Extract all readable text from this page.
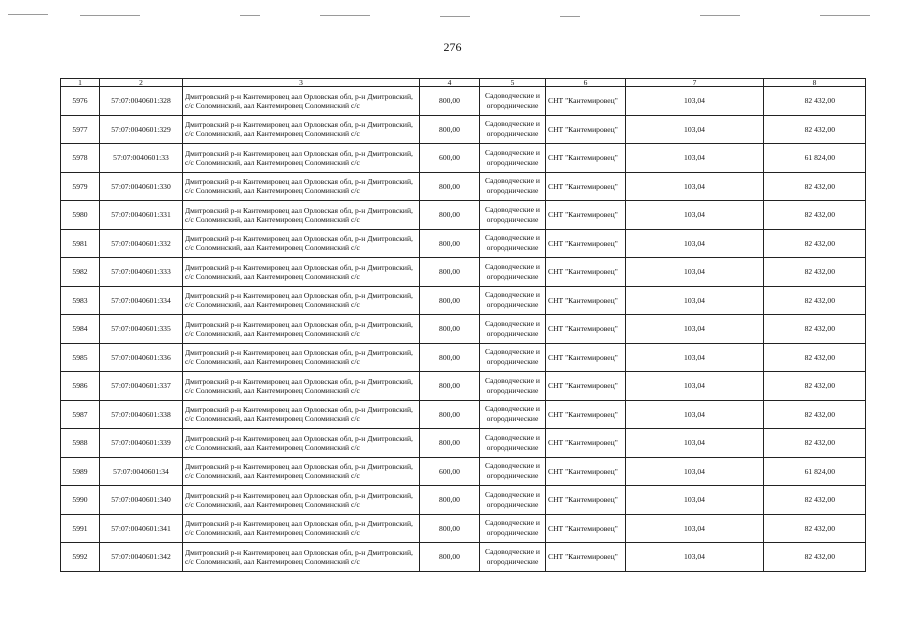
276
1	2	3	4	5	6	7	8
5976	57:07:0040601:328	Дмитровский р-н Кантемировец аал Орловская обл, р-н Дмитровский, с/с Соломинский, аал Кантемировец Соломинский с/с	800,00	Садоводческие и огороднические	СНТ "Кантемировец"	103,04	82 432,00
5977	57:07:0040601:329	Дмитровский р-н Кантемировец аал Орловская обл, р-н Дмитровский, с/с Соломинский, аал Кантемировец Соломинский с/с	800,00	Садоводческие и огороднические	СНТ "Кантемировец"	103,04	82 432,00
5978	57:07:0040601:33	Дмитровский р-н Кантемировец аал Орловская обл, р-н Дмитровский, с/с Соломинский, аал Кантемировец Соломинский с/с	600,00	Садоводческие и огороднические	СНТ "Кантемировец"	103,04	61 824,00
5979	57:07:0040601:330	Дмитровский р-н Кантемировец аал Орловская обл, р-н Дмитровский, с/с Соломинский, аал Кантемировец Соломинский с/с	800,00	Садоводческие и огороднические	СНТ "Кантемировец"	103,04	82 432,00
5980	57:07:0040601:331	Дмитровский р-н Кантемировец аал Орловская обл, р-н Дмитровский, с/с Соломинский, аал Кантемировец Соломинский с/с	800,00	Садоводческие и огороднические	СНТ "Кантемировец"	103,04	82 432,00
5981	57:07:0040601:332	Дмитровский р-н Кантемировец аал Орловская обл, р-н Дмитровский, с/с Соломинский, аал Кантемировец Соломинский с/с	800,00	Садоводческие и огороднические	СНТ "Кантемировец"	103,04	82 432,00
5982	57:07:0040601:333	Дмитровский р-н Кантемировец аал Орловская обл, р-н Дмитровский, с/с Соломинский, аал Кантемировец Соломинский с/с	800,00	Садоводческие и огороднические	СНТ "Кантемировец"	103,04	82 432,00
5983	57:07:0040601:334	Дмитровский р-н Кантемировец аал Орловская обл, р-н Дмитровский, с/с Соломинский, аал Кантемировец Соломинский с/с	800,00	Садоводческие и огороднические	СНТ "Кантемировец"	103,04	82 432,00
5984	57:07:0040601:335	Дмитровский р-н Кантемировец аал Орловская обл, р-н Дмитровский, с/с Соломинский, аал Кантемировец Соломинский с/с	800,00	Садоводческие и огороднические	СНТ "Кантемировец"	103,04	82 432,00
5985	57:07:0040601:336	Дмитровский р-н Кантемировец аал Орловская обл, р-н Дмитровский, с/с Соломинский, аал Кантемировец Соломинский с/с	800,00	Садоводческие и огороднические	СНТ "Кантемировец"	103,04	82 432,00
5986	57:07:0040601:337	Дмитровский р-н Кантемировец аал Орловская обл, р-н Дмитровский, с/с Соломинский, аал Кантемировец Соломинский с/с	800,00	Садоводческие и огороднические	СНТ "Кантемировец"	103,04	82 432,00
5987	57:07:0040601:338	Дмитровский р-н Кантемировец аал Орловская обл, р-н Дмитровский, с/с Соломинский, аал Кантемировец Соломинский с/с	800,00	Садоводческие и огороднические	СНТ "Кантемировец"	103,04	82 432,00
5988	57:07:0040601:339	Дмитровский р-н Кантемировец аал Орловская обл, р-н Дмитровский, с/с Соломинский, аал Кантемировец Соломинский с/с	800,00	Садоводческие и огороднические	СНТ "Кантемировец"	103,04	82 432,00
5989	57:07:0040601:34	Дмитровский р-н Кантемировец аал Орловская обл, р-н Дмитровский, с/с Соломинский, аал Кантемировец Соломинский с/с	600,00	Садоводческие и огороднические	СНТ "Кантемировец"	103,04	61 824,00
5990	57:07:0040601:340	Дмитровский р-н Кантемировец аал Орловская обл, р-н Дмитровский, с/с Соломинский, аал Кантемировец Соломинский с/с	800,00	Садоводческие и огороднические	СНТ "Кантемировец"	103,04	82 432,00
5991	57:07:0040601:341	Дмитровский р-н Кантемировец аал Орловская обл, р-н Дмитровский, с/с Соломинский, аал Кантемировец Соломинский с/с	800,00	Садоводческие и огороднические	СНТ "Кантемировец"	103,04	82 432,00
5992	57:07:0040601:342	Дмитровский р-н Кантемировец аал Орловская обл, р-н Дмитровский, с/с Соломинский, аал Кантемировец Соломинский с/с	800,00	Садоводческие и огороднические	СНТ "Кантемировец"	103,04	82 432,00
